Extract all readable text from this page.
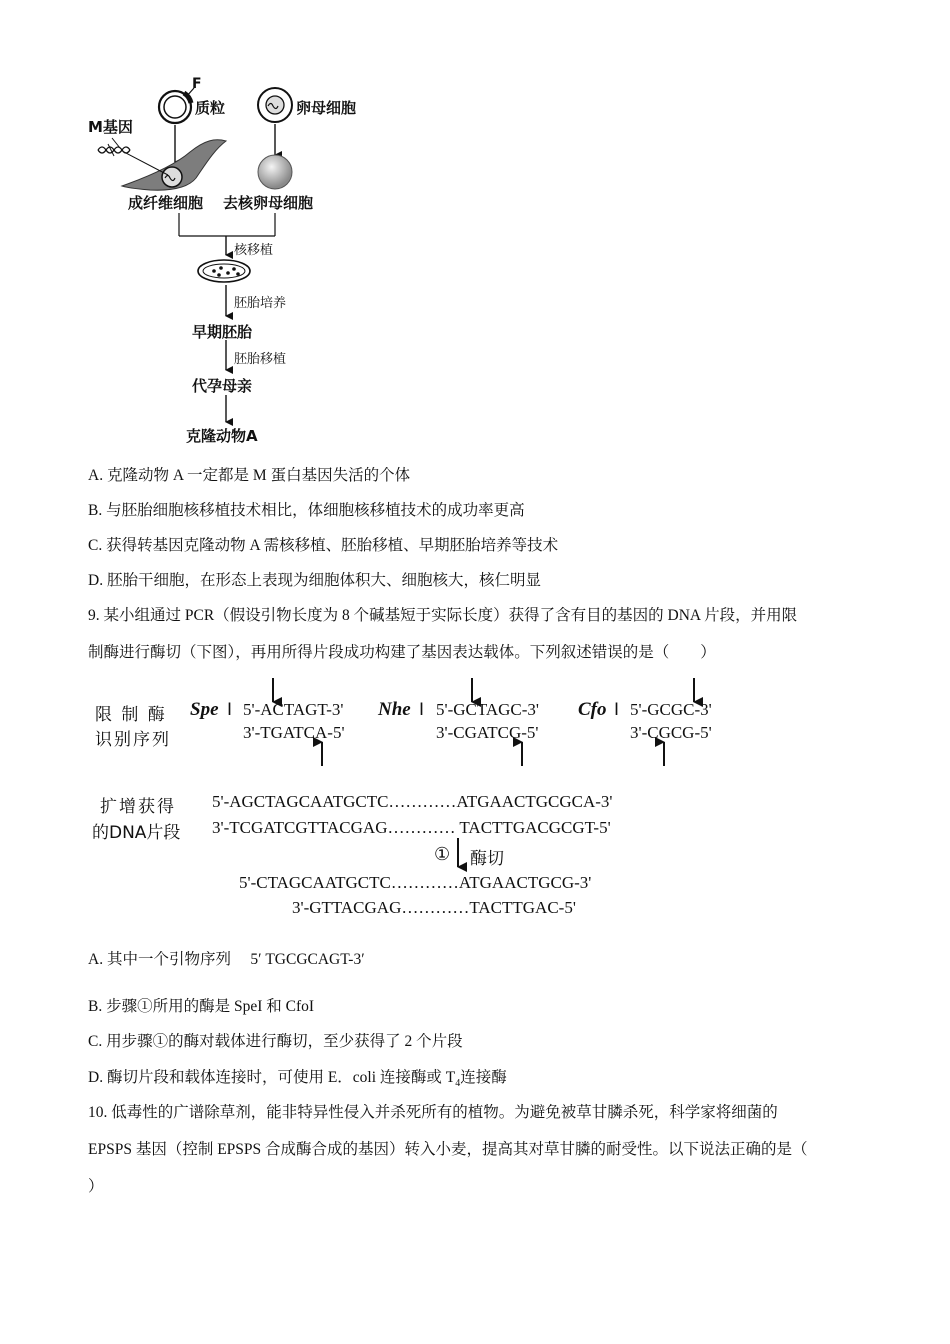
F
质粒	卵母细胞
M基因
成纤维细胞 去核卵母细胞
核移植
胚胎培养
早期胚胎
胚胎移植
代孕母亲
克隆动物A
A. 克隆动物 A 一定都是 M 蛋白基因失活的个体
B. 与胚胎细胞核移植技术相比，体细胞核移植技术的成功率更高
C. 获得转基因克隆动物 A 需核移植、胚胎移植、早期胚胎培养等技术
D. 胚胎干细胞，在形态上表现为细胞体积大、细胞核大，核仁明显
9. 某小组通过 PCR（假设引物长度为 8 个碱基短于实际长度）获得了含有目的基因的 DNA 片段，并用限
制酶进行酶切（下图），再用所得片段成功构建了基因表达载体。下列叙述错误的是（　　）
限 制 酶
识别序列
Spe Ⅰ 5'-ACTAGT-3'
3'-TGATCA-5'
Nhe Ⅰ 5'-GCTAGC-3'
3'-CGATCG-5'
Cfo Ⅰ 5'-GCGC-3'
3'-CGCG-5'
扩增获得
的DNA片段
5'-AGCTAGCAATGCTC…………ATGAACTGCGCA-3'
3'-TCGATCGTTACGAG………… TACTTGACGCGT-5'
① 酶切
5'-CTAGCAATGCTC…………ATGAACTGCG-3'
3'-GTTACGAG…………TACTTGAC-5'
A. 其中一个引物序列　 5′ TGCGCAGT-3′
B. 步骤①所用的酶是 SpeI 和 CfoI
C. 用步骤①的酶对载体进行酶切，至少获得了 2 个片段
D. 酶切片段和载体连接时，可使用 E．coli 连接酶或 $T_4$连接酶
10. 低毒性的广谱除草剂，能非特异性侵入并杀死所有的植物。为避免被草甘膦杀死，科学家将细菌的
EPSPS 基因（控制 EPSPS 合成酶合成的基因）转入小麦，提高其对草甘膦的耐受性。以下说法正确的是（
）
